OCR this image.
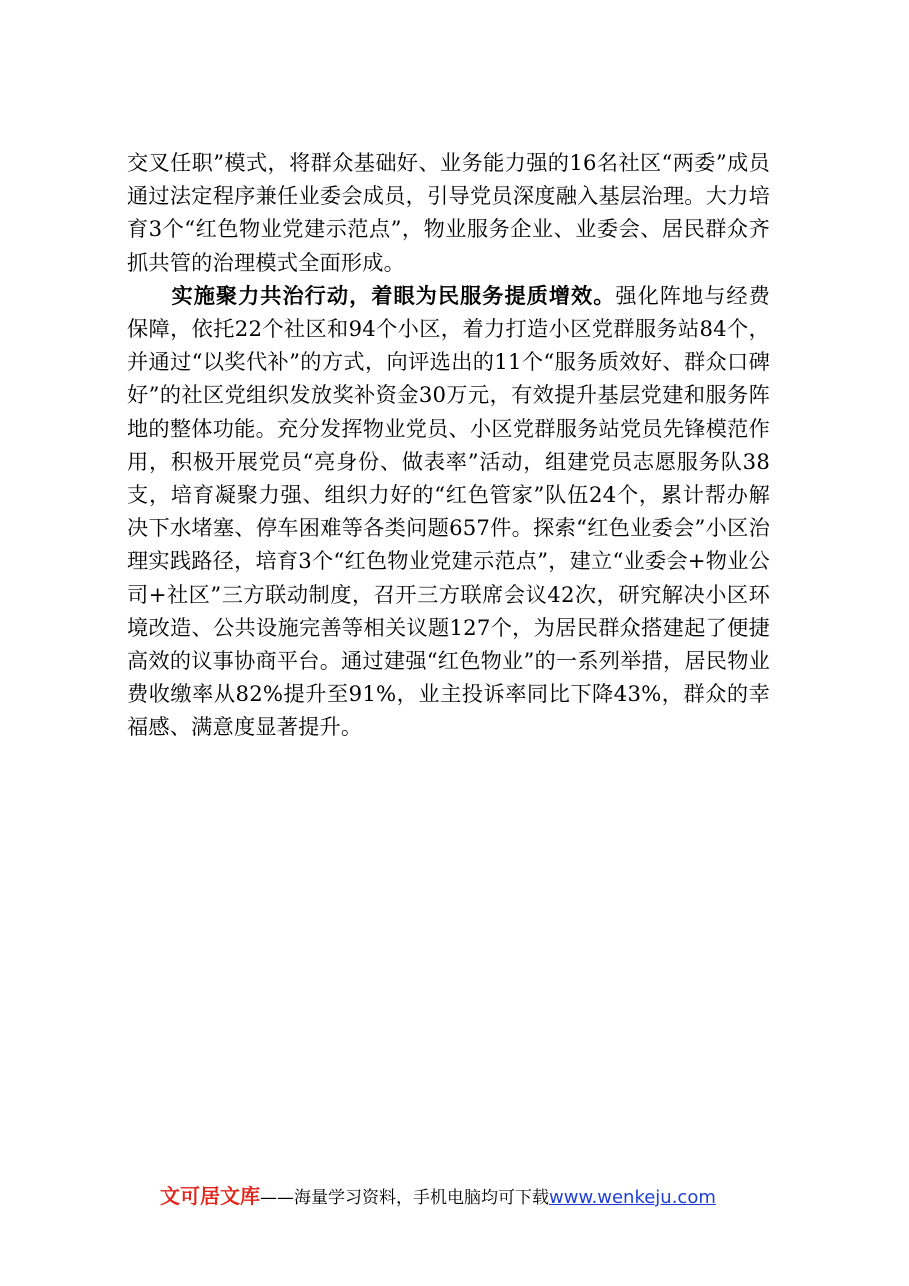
交叉任职”模式，将群众基础好、业务能力强的16名社区“两委”成员通过法定程序兼任业委会成员，引导党员深度融入基层治理。大力培育3个“红色物业党建示范点”，物业服务企业、业委会、居民群众齐抓共管的治理模式全面形成。

实施聚力共治行动，着眼为民服务提质增效。强化阵地与经费保障，依托22个社区和94个小区，着力打造小区党群服务站84个，并通过“以奖代补”的方式，向评选出的11个“服务质效好、群众口碑好”的社区党组织发放奖补资金30万元，有效提升基层党建和服务阵地的整体功能。充分发挥物业党员、小区党群服务站党员先锋模范作用，积极开展党员“亮身份、做表率”活动，组建党员志愿服务队38支，培育凝聚力强、组织力好的“红色管家”队伍24个，累计帮办解决下水堵塞、停车困难等各类问题657件。探索“红色业委会”小区治理实践路径，培育3个“红色物业党建示范点”，建立“业委会+物业公司+社区”三方联动制度，召开三方联席会议42次，研究解决小区环境改造、公共设施完善等相关议题127个，为居民群众搭建起了便捷高效的议事协商平台。通过建强“红色物业”的一系列举措，居民物业费收缴率从82%提升至91%，业主投诉率同比下降43%，群众的幸福感、满意度显著提升。

文可居文库——海量学习资料，手机电脑均可下载www.wenkeju.com
